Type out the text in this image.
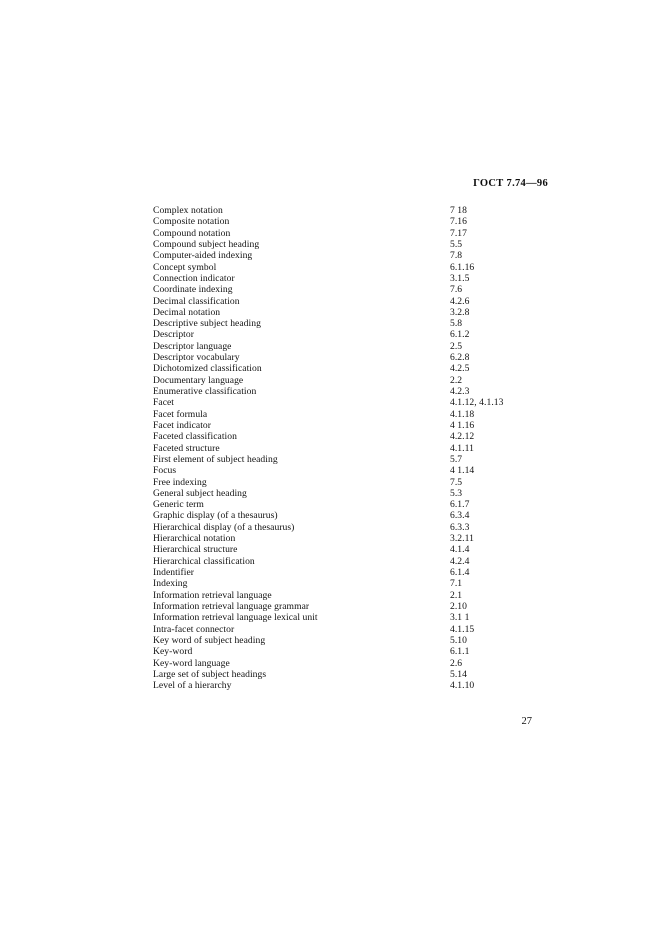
ГОСТ 7.74—96
Complex notation	7 18
Composite notation	7.16
Compound notation	7.17
Compound subject heading	5.5
Computer-aided indexing	7.8
Concept symbol	6.1.16
Connection indicator	3.1.5
Coordinate indexing	7.6
Decimal classification	4.2.6
Decimal notation	3.2.8
Descriptive subject heading	5.8
Descriptor	6.1.2
Descriptor language	2.5
Descriptor vocabulary	6.2.8
Dichotomized classification	4.2.5
Documentary language	2.2
Enumerative classification	4.2.3
Facet	4.1.12, 4.1.13
Facet formula	4.1.18
Facet indicator	4 1.16
Faceted classification	4.2.12
Faceted structure	4.1.11
First element of subject heading	5.7
Focus	4 1.14
Free indexing	7.5
General subject heading	5.3
Generic term	6.1.7
Graphic display (of a thesaurus)	6.3.4
Hierarchical display (of a thesaurus)	6.3.3
Hierarchical notation	3.2.11
Hierarchical structure	4.1.4
Hierarchical classification	4.2.4
Indentifier	6.1.4
Indexing	7.1
Information retrieval language	2.1
Information retrieval language grammar	2.10
Information retrieval language lexical unit	3.1 1
Intra-facet connector	4.1.15
Key word of subject heading	5.10
Key-word	6.1.1
Key-word language	2.6
Large set of subject headings	5.14
Level of a hierarchy	4.1.10
27
